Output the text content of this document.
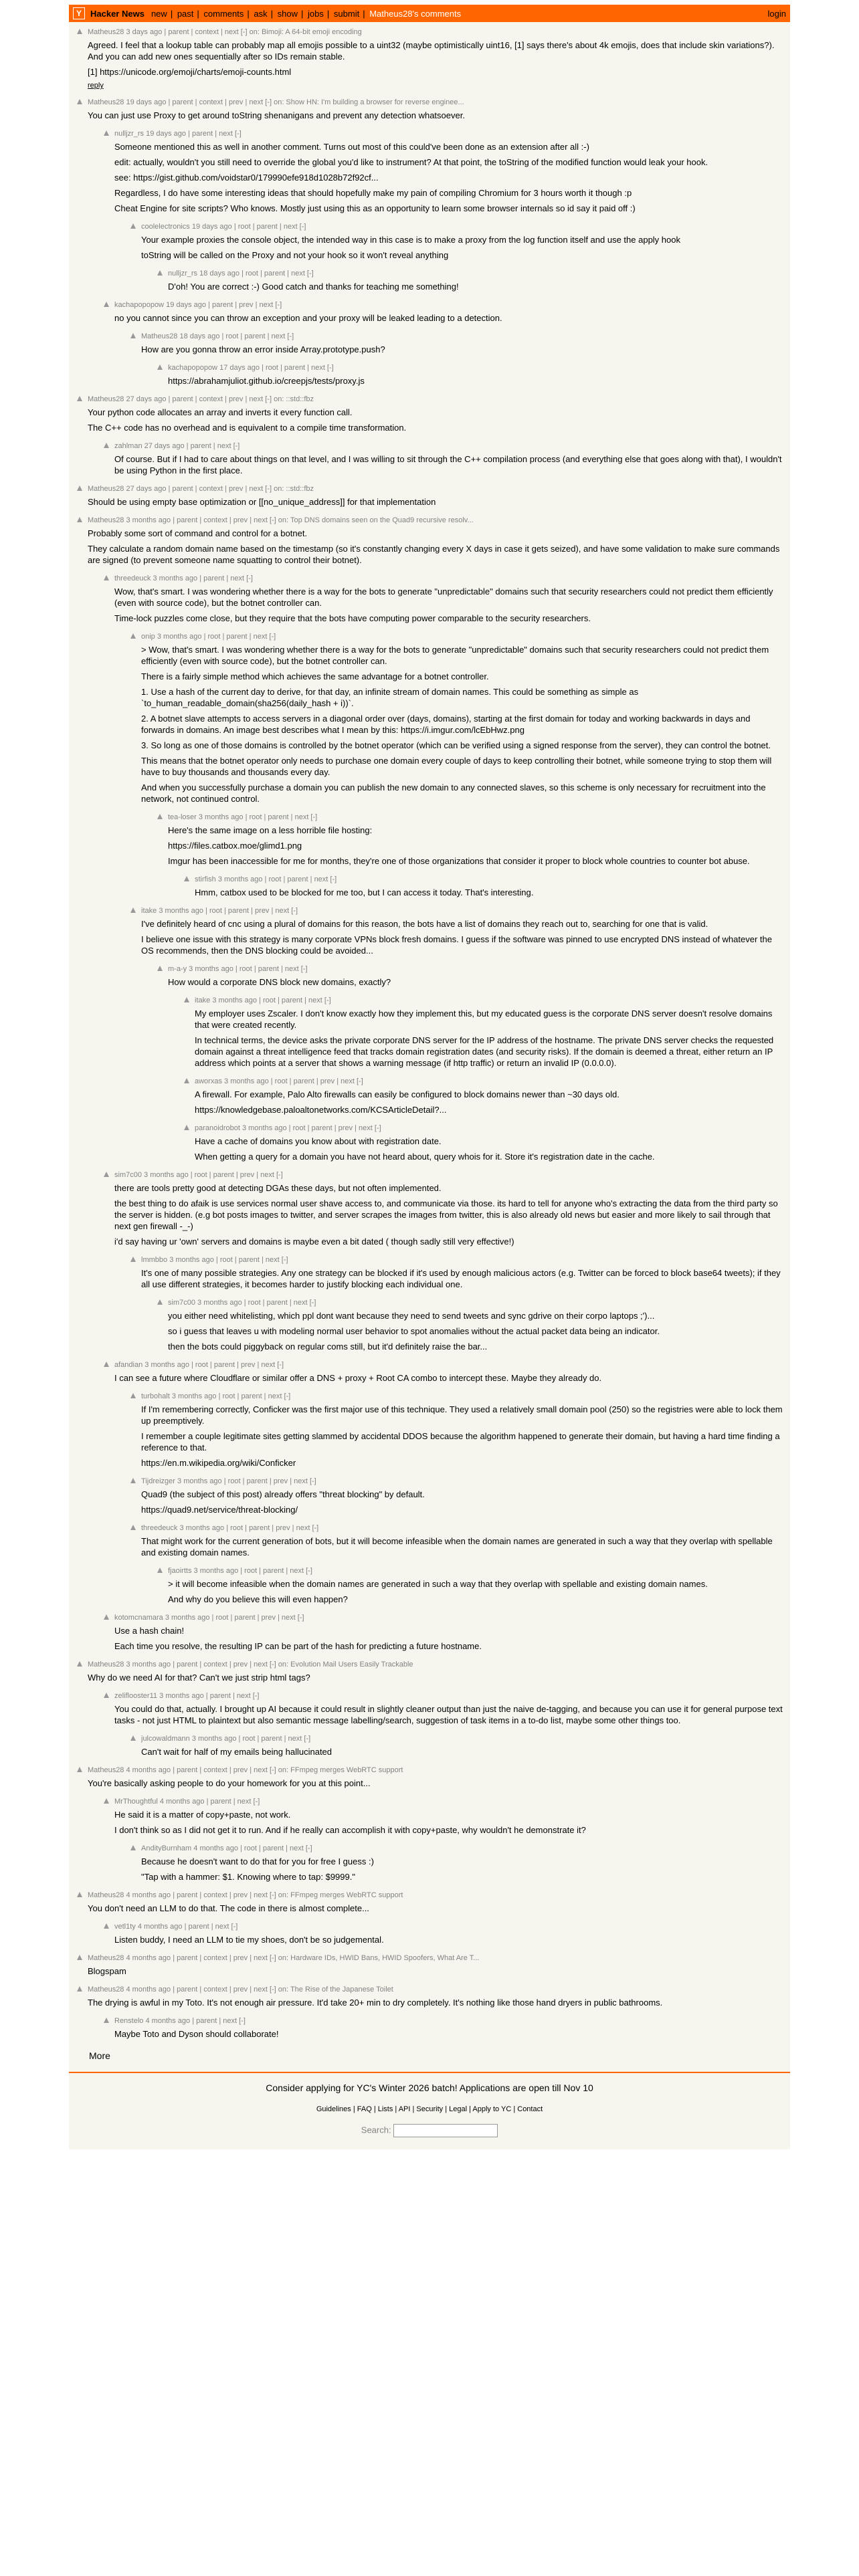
Y	Hacker News new | past | comments | ask | show | jobs | submit | Matheus28's comments	login
Matheus28 3 days ago | parent | context | next [-] on: Bimoji: A 64-bit emoji encoding

Agreed. I feel that a lookup table can probably map all emojis possible to a uint32 (maybe optimistically uint16, [1] says there's about 4k emojis, does that include skin variations?). And you can add new ones sequentially after so IDs remain stable.

[1] https://unicode.org/emoji/charts/emoji-counts.html

reply
Matheus28 19 days ago | parent | context | prev | next [-] on: Show HN: I'm building a browser for reverse enginee...

You can just use Proxy to get around toString shenanigans and prevent any detection whatsoever.

nulljzr_rs 19 days ago | parent | next [-]

Someone mentioned this as well in another comment. Turns out most of this could've been done as an extension after all :-)

edit: actually, wouldn't you still need to override the global you'd like to instrument? At that point, the toString of the modified function would leak your hook.

see: https://gist.github.com/voidstar0/179990efe918d1028b72f92cf...

Regardless, I do have some interesting ideas that should hopefully make my pain of compiling Chromium for 3 hours worth it though :p

Cheat Engine for site scripts? Who knows. Mostly just using this as an opportunity to learn some browser internals so id say it paid off :)

coolelectronics 19 days ago | root | parent | next [-]

Your example proxies the console object, the intended way in this case is to make a proxy from the log function itself and use the apply hook

toString will be called on the Proxy and not your hook so it won't reveal anything

nulljzr_rs 18 days ago | root | parent | next [-]

D'oh! You are correct :-) Good catch and thanks for teaching me something!

kachapopopow 19 days ago | parent | prev | next [-]

no you cannot since you can throw an exception and your proxy will be leaked leading to a detection.

Matheus28 18 days ago | root | parent | next [-]

How are you gonna throw an error inside Array.prototype.push?

kachapopopow 17 days ago | root | parent | next [-]

https://abrahamjuliot.github.io/creepjs/tests/proxy.js

Matheus28 27 days ago | parent | context | prev | next [-] on: ::std::fbz

Your python code allocates an array and inverts it every function call.

The C++ code has no overhead and is equivalent to a compile time transformation.

zahlman 27 days ago | parent | next [-]

Of course. But if I had to care about things on that level, and I was willing to sit through the C++ compilation process (and everything else that goes along with that), I wouldn't be using Python in the first place.

Matheus28 27 days ago | parent | context | prev | next [-] on: ::std::fbz

Should be using empty base optimization or [[no_unique_address]] for that implementation

Matheus28 3 months ago | parent | context | prev | next [-] on: Top DNS domains seen on the Quad9 recursive resolv...

Probably some sort of command and control for a botnet.

They calculate a random domain name based on the timestamp (so it's constantly changing every X days in case it gets seized), and have some validation to make sure commands are signed (to prevent someone name squatting to control their botnet).

threedeuck 3 months ago | parent | next [-]

Wow, that's smart. I was wondering whether there is a way for the bots to generate "unpredictable" domains such that security researchers could not predict them efficiently (even with source code), but the botnet controller can.

Time-lock puzzles come close, but they require that the bots have computing power comparable to the security researchers.

onip 3 months ago | root | parent | next [-]

> Wow, that's smart. I was wondering whether there is a way for the bots to generate "unpredictable" domains such that security researchers could not predict them efficiently (even with source code), but the botnet controller can.

There is a fairly simple method which achieves the same advantage for a botnet controller.

1. Use a hash of the current day to derive, for that day, an infinite stream of domain names. This could be something as simple as `to_human_readable_domain(sha256(daily_hash + i))`.

2. A botnet slave attempts to access servers in a diagonal order over (days, domains), starting at the first domain for today and working backwards in days and forwards in domains. An image best describes what I mean by this: https://i.imgur.com/lcEbHwz.png

3. So long as one of those domains is controlled by the botnet operator (which can be verified using a signed response from the server), they can control the botnet.

This means that the botnet operator only needs to purchase one domain every couple of days to keep controlling their botnet, while someone trying to stop them will have to buy thousands and thousands every day.

And when you successfully purchase a domain you can publish the new domain to any connected slaves, so this scheme is only necessary for recruitment into the network, not continued control.

tea-loser 3 months ago | root | parent | next [-]

Here's the same image on a less horrible file hosting:

https://files.catbox.moe/glimd1.png

Imgur has been inaccessible for me for months, they're one of those organizations that consider it proper to block whole countries to counter bot abuse.

stirfish 3 months ago | root | parent | next [-]

Hmm, catbox used to be blocked for me too, but I can access it today. That's interesting.

itake 3 months ago | root | parent | prev | next [-]

I've definitely heard of cnc using a plural of domains for this reason, the bots have a list of domains they reach out to, searching for one that is valid.

I believe one issue with this strategy is many corporate VPNs block fresh domains. I guess if the software was pinned to use encrypted DNS instead of whatever the OS recommends, then the DNS blocking could be avoided...

m-a-y 3 months ago | root | parent | next [-]

How would a corporate DNS block new domains, exactly?

itake 3 months ago | root | parent | next [-]

My employer uses Zscaler. I don't know exactly how they implement this, but my educated guess is the corporate DNS server doesn't resolve domains that were created recently.

In technical terms, the device asks the private corporate DNS server for the IP address of the hostname. The private DNS server checks the requested domain against a threat intelligence feed that tracks domain registration dates (and security risks). If the domain is deemed a threat, either return an IP address which points at a server that shows a warning message (if http traffic) or return an invalid IP (0.0.0.0).

aworxas 3 months ago | root | parent | prev | next [-]

A firewall. For example, Palo Alto firewalls can easily be configured to block domains newer than ~30 days old.

https://knowledgebase.paloaltonetworks.com/KCSArticleDetail?...

paranoidrobot 3 months ago | root | parent | prev | next [-]

Have a cache of domains you know about with registration date.

When getting a query for a domain you have not heard about, query whois for it. Store it's registration date in the cache.

sim7c00 3 months ago | root | parent | prev | next [-]

there are tools pretty good at detecting DGAs these days, but not often implemented.

the best thing to do afaik is use services normal user shave access to, and communicate via those. its hard to tell for anyone who's extracting the data from the third party so the server is hidden. (e.g bot posts images to twitter, and server scrapes the images from twitter, this is also already old news but easier and more likely to sail through that next gen firewall -_-)

i'd say having ur 'own' servers and domains is maybe even a bit dated ( though sadly still very effective!)

lmmbbo 3 months ago | root | parent | next [-]

It's one of many possible strategies. Any one strategy can be blocked if it's used by enough malicious actors (e.g. Twitter can be forced to block base64 tweets); if they all use different strategies, it becomes harder to justify blocking each individual one.

sim7c00 3 months ago | root | parent | next [-]

you either need whitelisting, which ppl dont want because they need to send tweets and sync gdrive on their corpo laptops ;')...

so i guess that leaves u with modeling normal user behavior to spot anomalies without the actual packet data being an indicator.

then the bots could piggyback on regular coms still, but it'd definitely raise the bar...

afandian 3 months ago | root | parent | prev | next [-]

I can see a future where Cloudflare or similar offer a DNS + proxy + Root CA combo to intercept these. Maybe they already do.

turbohalt 3 months ago | root | parent | next [-]

If I'm remembering correctly, Conficker was the first major use of this technique. They used a relatively small domain pool (250) so the registries were able to lock them up preemptively.

I remember a couple legitimate sites getting slammed by accidental DDOS because the algorithm happened to generate their domain, but having a hard time finding a reference to that.

https://en.m.wikipedia.org/wiki/Conficker

Tijdreizger 3 months ago | root | parent | prev | next [-]

Quad9 (the subject of this post) already offers "threat blocking" by default.

https://quad9.net/service/threat-blocking/

threedeuck 3 months ago | root | parent | prev | next [-]

That might work for the current generation of bots, but it will become infeasible when the domain names are generated in such a way that they overlap with spellable and existing domain names.

fjaoirtts 3 months ago | root | parent | next [-]

> it will become infeasible when the domain names are generated in such a way that they overlap with spellable and existing domain names.

And why do you believe this will even happen?

kotomcnamara 3 months ago | root | parent | prev | next [-]

Use a hash chain!

Each time you resolve, the resulting IP can be part of the hash for predicting a future hostname.

Matheus28 3 months ago | parent | context | prev | next [-] on: Evolution Mail Users Easily Trackable

Why do we need AI for that? Can't we just strip html tags?

zeliflooster11 3 months ago | parent | next [-]

You could do that, actually. I brought up AI because it could result in slightly cleaner output than just the naive de-tagging, and because you can use it for general purpose text tasks - not just HTML to plaintext but also semantic message labelling/search, suggestion of task items in a to-do list, maybe some other things too.

julcowaldmann 3 months ago | root | parent | next [-]

Can't wait for half of my emails being hallucinated

Matheus28 4 months ago | parent | context | prev | next [-] on: FFmpeg merges WebRTC support

You're basically asking people to do your homework for you at this point...

MrThoughtful 4 months ago | parent | next [-]

He said it is a matter of copy+paste, not work.

I don't think so as I did not get it to run. And if he really can accomplish it with copy+paste, why wouldn't he demonstrate it?

AndityBurnham 4 months ago | root | parent | next [-]

Because he doesn't want to do that for you for free I guess :)

"Tap with a hammer: $1. Knowing where to tap: $9999."

Matheus28 4 months ago | parent | context | prev | next [-] on: FFmpeg merges WebRTC support

You don't need an LLM to do that. The code in there is almost complete...

vetl1ty 4 months ago | parent | next [-]

Listen buddy, I need an LLM to tie my shoes, don't be so judgemental.

Matheus28 4 months ago | parent | context | prev | next [-] on: Hardware IDs, HWID Bans, HWID Spoofers, What Are T...

Blogspam

Matheus28 4 months ago | parent | context | prev | next [-] on: The Rise of the Japanese Toilet

The drying is awful in my Toto. It's not enough air pressure. It'd take 20+ min to dry completely. It's nothing like those hand dryers in public bathrooms.

Renstelo 4 months ago | parent | next [-]

Maybe Toto and Dyson should collaborate!

More
Consider applying for YC's Winter 2026 batch! Applications are open till Nov 10
Guidelines | FAQ | Lists | API | Security | Legal | Apply to YC | Contact
Search:
